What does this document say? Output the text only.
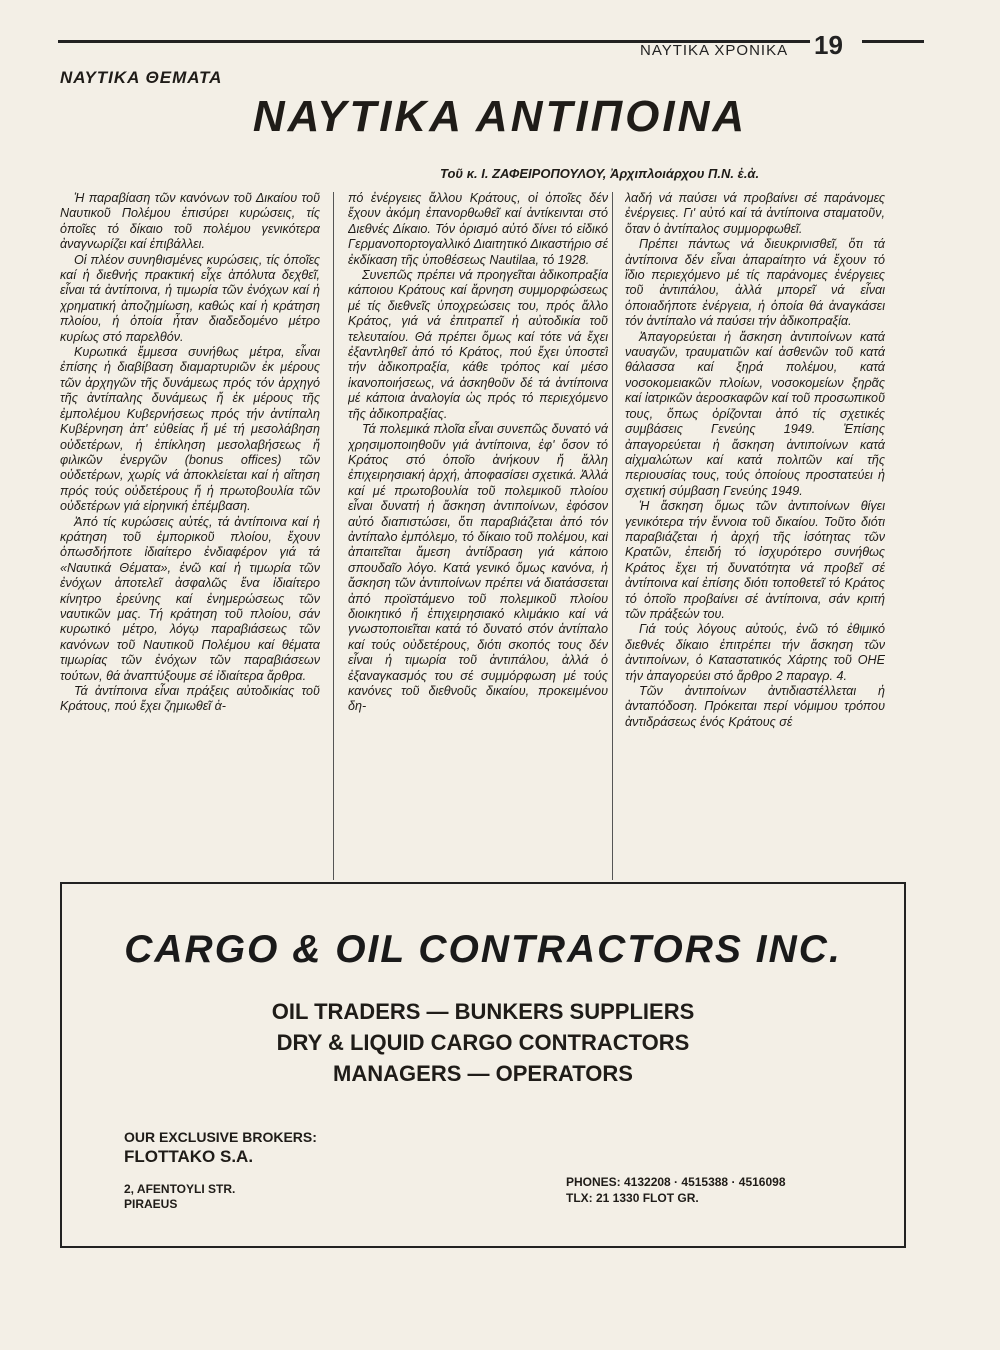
ΝΑΥΤΙΚΑ ΧΡΟΝΙΚΑ 19
ΝΑΥΤΙΚΑ ΘΕΜΑΤΑ
ΝΑΥΤΙΚΑ ΑΝΤΙΠΟΙΝΑ
Τοῦ κ. Ι. ΖΑΦΕΙΡΟΠΟΥΛΟΥ, Ἀρχιπλοιάρχου Π.Ν. ἐ.ἀ.

Ἡ παραβίαση τῶν κανόνων τοῦ Δικαίου τοῦ Ναυτικοῦ Πολέμου ἐπισύρει κυρώσεις, τίς ὁποῖες τό δίκαιο τοῦ πολέμου γενικότερα ἀναγνωρίζει καί ἐπιβάλλει.

Οἱ πλέον συνηθισμένες κυρώσεις, τίς ὁποῖες καί ἡ διεθνής πρακτική εἶχε ἀπόλυτα δεχθεῖ, εἶναι τά ἀντίποινα, ἡ τιμωρία τῶν ἐνόχων καί ἡ χρηματική ἀποζημίωση, καθώς καί ἡ κράτηση πλοίου, ἡ ὁποία ἦταν διαδεδομένο μέτρο κυρίως στό παρελθόν.

Κυρωτικά ἔμμεσα συνήθως μέτρα, εἶναι ἐπίσης ἡ διαβίβαση διαμαρτυριῶν ἐκ μέρους τῶν ἀρχηγῶν τῆς δυνάμεως πρός τόν ἀρχηγό τῆς ἀντίπαλης δυνάμεως ἤ ἐκ μέρους τῆς ἐμπολέμου Κυβερνήσεως πρός τήν ἀντίπαλη Κυβέρνηση ἀπ' εὐθείας ἤ μέ τή μεσολάβηση οὐδετέρων, ἡ ἐπίκληση μεσολαβήσεως ἤ φιλικῶν ἐνεργῶν (bonus offices) τῶν οὐδετέρων, χωρίς νά ἀποκλείεται καί ἡ αἴτηση πρός τούς οὐδετέρους ἤ ἡ πρωτοβουλία τῶν οὐδετέρων γιά εἰρηνική ἐπέμβαση.

Ἀπό τίς κυρώσεις αὐτές, τά ἀντίποινα καί ἡ κράτηση τοῦ ἐμπορικοῦ πλοίου, ἔχουν ὁπωσδήποτε ἰδιαίτερο ἐνδιαφέρον γιά τά «Ναυτικά Θέματα», ἐνῶ καί ἡ τιμωρία τῶν ἐνόχων ἀποτελεῖ ἀσφαλῶς ἕνα ἰδιαίτερο κίνητρο ἐρεύνης καί ἐνημερώσεως τῶν ναυτικῶν μας. Τή κράτηση τοῦ πλοίου, σάν κυρωτικό μέτρο, λόγῳ παραβιάσεως τῶν κανόνων τοῦ Ναυτικοῦ Πολέμου καί θέματα τιμωρίας τῶν ἐνόχων τῶν παραβιάσεων τούτων, θά ἀναπτύξουμε σέ ἰδιαίτερα ἄρθρα.

Τά ἀντίποινα εἶναι πράξεις αὐτοδικίας τοῦ Κράτους, πού ἔχει ζημιωθεῖ ἀ-

πό ἐνέργειες ἄλλου Κράτους, οἱ ὁποῖες δέν ἔχουν ἀκόμη ἐπανορθωθεῖ καί ἀντίκεινται στό Διεθνές Δίκαιο. Τόν ὁρισμό αὐτό δίνει τό εἰδικό Γερμανοπορτογαλλικό Διαιτητικό Δικαστήριο σέ ἐκδίκαση τῆς ὑποθέσεως Nautilaa, τό 1928.

Συνεπῶς πρέπει νά προηγεῖται ἀδικοπραξία κάποιου Κράτους καί ἄρνηση συμμορφώσεως μέ τίς διεθνεῖς ὑποχρεώσεις του, πρός ἄλλο Κράτος, γιά νά ἐπιτραπεῖ ἡ αὐτοδικία τοῦ τελευταίου. Θά πρέπει ὅμως καί τότε νά ἔχει ἐξαντληθεῖ ἀπό τό Κράτος, πού ἔχει ὑποστεῖ τήν ἀδικοπραξία, κάθε τρόπος καί μέσο ἱκανοποιήσεως, νά ἀσκηθοῦν δέ τά ἀντίποινα μέ κάποια ἀναλογία ὡς πρός τό περιεχόμενο τῆς ἀδικοπραξίας.

Τά πολεμικά πλοῖα εἶναι συνεπῶς δυνατό νά χρησιμοποιηθοῦν γιά ἀντίποινα, ἐφ' ὅσον τό Κράτος στό ὁποῖο ἀνήκουν ἤ ἄλλη ἐπιχειρησιακή ἀρχή, ἀποφασίσει σχετικά. Ἀλλά καί μέ πρωτοβουλία τοῦ πολεμικοῦ πλοίου εἶναι δυνατή ἡ ἄσκηση ἀντιποίνων, ἐφόσον αὐτό διαπιστώσει, ὅτι παραβιάζεται ἀπό τόν ἀντίπαλο ἐμπόλεμο, τό δίκαιο τοῦ πολέμου, καί ἀπαιτεῖται ἄμεση ἀντίδραση γιά κάποιο σπουδαῖο λόγο. Κατά γενικό ὅμως κανόνα, ἡ ἄσκηση τῶν ἀντιποίνων πρέπει νά διατάσσεται ἀπό προϊστάμενο τοῦ πολεμικοῦ πλοίου διοικητικό ἤ ἐπιχειρησιακό κλιμάκιο καί νά γνωστοποιεῖται κατά τό δυνατό στόν ἀντίπαλο καί τούς οὐδετέρους, διότι σκοπός τους δέν εἶναι ἡ τιμωρία τοῦ ἀντιπάλου, ἀλλά ὁ ἐξαναγκασμός του σέ συμμόρφωση μέ τούς κανόνες τοῦ διεθνοῦς δικαίου, προκειμένου δη-

λαδή νά παύσει νά προβαίνει σέ παράνομες ἐνέργειες. Γι' αὐτό καί τά ἀντίποινα σταματοῦν, ὅταν ὁ ἀντίπαλος συμμορφωθεῖ.

Πρέπει πάντως νά διευκρινισθεῖ, ὅτι τά ἀντίποινα δέν εἶναι ἀπαραίτητο νά ἔχουν τό ἴδιο περιεχόμενο μέ τίς παράνομες ἐνέργειες τοῦ ἀντιπάλου, ἀλλά μπορεῖ νά εἶναι ὁποιαδήποτε ἐνέργεια, ἡ ὁποία θά ἀναγκάσει τόν ἀντίπαλο νά παύσει τήν ἀδικοπραξία.

Ἀπαγορεύεται ἡ ἄσκηση ἀντιποίνων κατά ναυαγῶν, τραυματιῶν καί ἀσθενῶν τοῦ κατά θάλασσα καί ξηρά πολέμου, κατά νοσοκομειακῶν πλοίων, νοσοκομείων ξηρᾶς καί ἰατρικῶν ἀεροσκαφῶν καί τοῦ προσωπικοῦ τους, ὅπως ὁρίζονται ἀπό τίς σχετικές συμβάσεις Γενεύης 1949. Ἐπίσης ἀπαγορεύεται ἡ ἄσκηση ἀντιποίνων κατά αἰχμαλώτων καί κατά πολιτῶν καί τῆς περιουσίας τους, τούς ὁποίους προστατεύει ἡ σχετική σύμβαση Γενεύης 1949.

Ἡ ἄσκηση ὅμως τῶν ἀντιποίνων θίγει γενικότερα τήν ἔννοια τοῦ δικαίου. Τοῦτο διότι παραβιάζεται ἡ ἀρχή τῆς ἰσότητας τῶν Κρατῶν, ἐπειδή τό ἰσχυρότερο συνήθως Κράτος ἔχει τή δυνατότητα νά προβεῖ σέ ἀντίποινα καί ἐπίσης διότι τοποθετεῖ τό Κράτος τό ὁποῖο προβαίνει σέ ἀντίποινα, σάν κριτή τῶν πράξεών του.

Γιά τούς λόγους αὐτούς, ἐνῶ τό ἐθιμικό διεθνές δίκαιο ἐπιτρέπει τήν ἄσκηση τῶν ἀντιποίνων, ὁ Καταστατικός Χάρτης τοῦ ΟΗΕ τήν ἀπαγορεύει στό ἄρθρο 2 παραγρ. 4.

Τῶν ἀντιποίνων ἀντιδιαστέλλεται ἡ ἀνταπόδοση. Πρόκειται περί νόμιμου τρόπου ἀντιδράσεως ἑνός Κράτους σέ

CARGO & OIL CONTRACTORS INC.
OIL TRADERS — BUNKERS SUPPLIERS
DRY & LIQUID CARGO CONTRACTORS
MANAGERS — OPERATORS
OUR EXCLUSIVE BROKERS:
FLOTTAKO S.A.
2, AFENTOYLI STR.
PIRAEUS
PHONES: 4132208 · 4515388 · 4516098
TLX: 21 1330 FLOT GR.
